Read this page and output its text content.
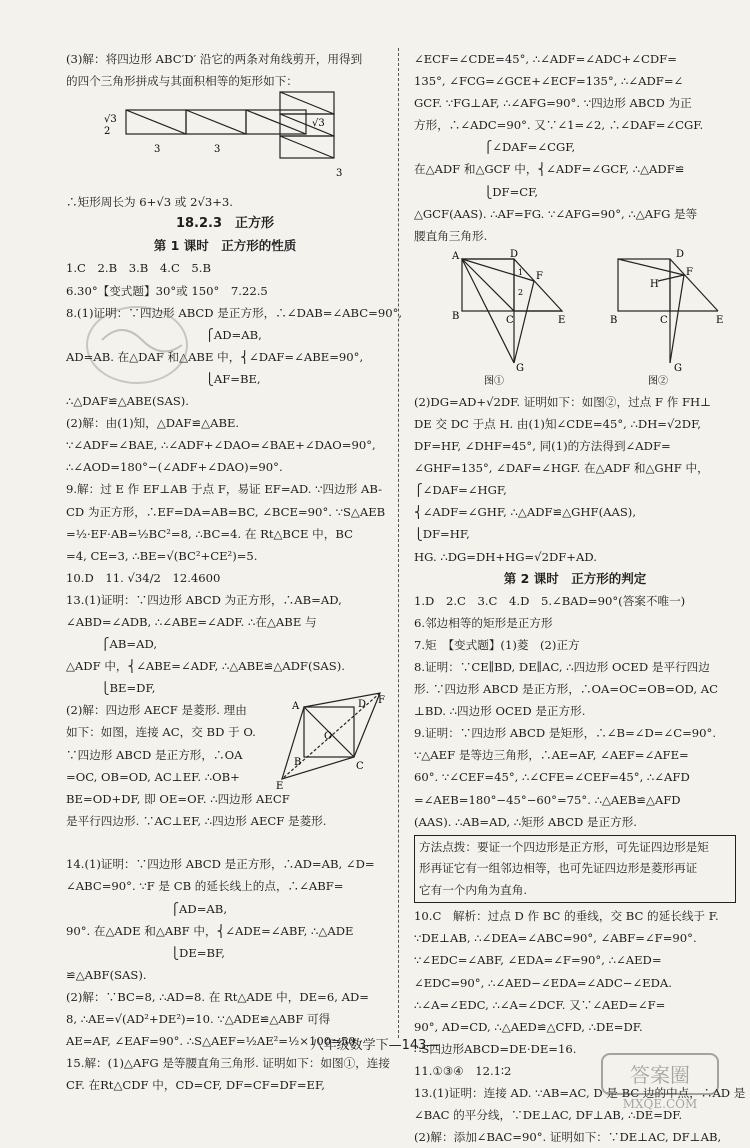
(3)解：将四边形 ABC′D′ 沿它的两条对角线剪开，用得到
的四个三角形拼成与其面积相等的矩形如下：
√3
2
3	3
√3
3
∴矩形周长为 6+√3 或 2√3+3.
18.2.3　正方形
第 1 课时　正方形的性质
1.C　2.B　3.B　4.C　5.B
6.30°【变式题】30°或 150°　7.22.5
8.(1)证明：∵四边形 ABCD 是正方形，∴∠DAB=∠ABC=90°,
　　　　　　　　　　　　⎧AD=AB,
AD=AB. 在△DAF 和△ABE 中，⎨∠DAF=∠ABE=90°,
　　　　　　　　　　　　⎩AF=BE,
∴△DAF≌△ABE(SAS).
(2)解：由(1)知，△DAF≌△ABE.
∵∠ADF=∠BAE, ∴∠ADF+∠DAO=∠BAE+∠DAO=90°,
∴∠AOD=180°−(∠ADF+∠DAO)=90°.
9.解：过 E 作 EF⊥AB 于点 F，易证 EF=AD. ∵四边形 AB-
CD 为正方形，∴EF=DA=AB=BC, ∠BCE=90°. ∵S△AEB
=½·EF·AB=½BC²=8, ∴BC=4. 在 Rt△BCE 中，BC
=4, CE=3, ∴BE=√(BC²+CE²)=5.
10.D　11. √34/2　12.4600
13.(1)证明：∵四边形 ABCD 为正方形，∴AB=AD,
∠ABD=∠ADB, ∴∠ABE=∠ADF. ∴在△ABE 与
　　　⎧AB=AD,
△ADF 中，⎨∠ABE=∠ADF, ∴△ABE≌△ADF(SAS).
　　　⎩BE=DF,
(2)解：四边形 AECF 是菱形. 理由
如下：如图，连接 AC，交 BD 于 O.
∵四边形 ABCD 是正方形，∴OA
=OC, OB=OD, AC⊥EF. ∴OB+
BE=OD+DF, 即 OE=OF. ∴四边形 AECF
是平行四边形. ∵AC⊥EF, ∴四边形 AECF 是菱形.
A	D F
B	C
E
O
14.(1)证明：∵四边形 ABCD 是正方形，∴AD=AB, ∠D=
∠ABC=90°. ∵F 是 CB 的延长线上的点，∴∠ABF=
　　　　　　　　　⎧AD=AB,
90°. 在△ADE 和△ABF 中，⎨∠ADE=∠ABF, ∴△ADE
　　　　　　　　　⎩DE=BF,
≌△ABF(SAS).
(2)解：∵BC=8, ∴AD=8. 在 Rt△ADE 中，DE=6, AD=
8, ∴AE=√(AD²+DE²)=10. ∵△ADE≌△ABF 可得
AE=AF, ∠EAF=90°. ∴S△AEF=½AE²=½×100=50.
15.解：(1)△AFG 是等腰直角三角形. 证明如下：如图①，连接
CF. 在Rt△CDF 中，CD=CF, DF=CF=DF=EF,
∠ECF=∠CDE=45°, ∴∠ADF=∠ADC+∠CDF=
135°, ∠FCG=∠GCE+∠ECF=135°, ∴∠ADF=∠
GCF. ∵FG⊥AF, ∴∠AFG=90°. ∵四边形 ABCD 为正
方形，∴∠ADC=90°. 又∵∠1=∠2, ∴∠DAF=∠CGF.
　　　　　　⎧∠DAF=∠CGF,
在△ADF 和△GCF 中，⎨∠ADF=∠GCF, ∴△ADF≌
　　　　　　⎩DF=CF,
△GCF(AAS). ∴AF=FG. ∵∠AFG=90°, ∴△AFG 是等
腰直角三角形.
A
B	C
D
E
F
G
1
2
D
F
H
B	C	E
G
图①	图②
(2)DG=AD+√2DF. 证明如下：如图②，过点 F 作 FH⊥
DE 交 DC 于点 H. 由(1)知∠CDE=45°, ∴DH=√2DF,
DF=HF, ∠DHF=45°, 同(1)的方法得到∠ADF=
∠GHF=135°, ∠DAF=∠HGF. 在△ADF 和△GHF 中，
⎧∠DAF=∠HGF,
⎨∠ADF=∠GHF, ∴△ADF≌△GHF(AAS),
⎩DF=HF,
HG. ∴DG=DH+HG=√2DF+AD.
第 2 课时　正方形的判定
1.D　2.C　3.C　4.D　5.∠BAD=90°(答案不唯一)
6.邻边相等的矩形是正方形
7.矩　【变式题】(1)菱　(2)正方
8.证明：∵CE∥BD, DE∥AC, ∴四边形 OCED 是平行四边
形. ∵四边形 ABCD 是正方形，∴OA=OC=OB=OD, AC
⊥BD. ∴四边形 OCED 是正方形.
9.证明：∵四边形 ABCD 是矩形，∴∠B=∠D=∠C=90°.
∵△AEF 是等边三角形，∴AE=AF, ∠AEF=∠AFE=
60°. ∵∠CEF=45°, ∴∠CFE=∠CEF=45°, ∴∠AFD
=∠AEB=180°−45°−60°=75°. ∴△AEB≌△AFD
(AAS). ∴AB=AD, ∴矩形 ABCD 是正方形.
方法点拨：要证一个四边形是正方形，可先证四边形是矩
形再证它有一组邻边相等，也可先证四边形是菱形再证
它有一个内角为直角.
10.C　解析：过点 D 作 BC 的垂线，交 BC 的延长线于 F.
∵DE⊥AB, ∴∠DEA=∠ABC=90°, ∠ABF=∠F=90°.
∵∠EDC=∠ABF, ∠EDA=∠F=90°, ∴∠AED=
∠EDC=90°, ∴∠AED−∠EDA=∠ADC−∠EDA.
∴∠A=∠EDC, ∴∠A=∠DCF. 又∵∠AED=∠F=
90°, AD=CD, ∴△AED≌△CFD, ∴DE=DF.
∴S四边形ABCD=DE·DE=16.
11.①③④　12.1∶2
13.(1)证明：连接 AD. ∵AB=AC, D 是 BC 边的中点，∴AD 是
∠BAC 的平分线，∵DE⊥AC, DF⊥AB, ∴DE=DF.
(2)解：添加∠BAC=90°. 证明如下：∵DE⊥AC, DF⊥AB,
八年级数学下—143—
答案圈
MXQE.COM
